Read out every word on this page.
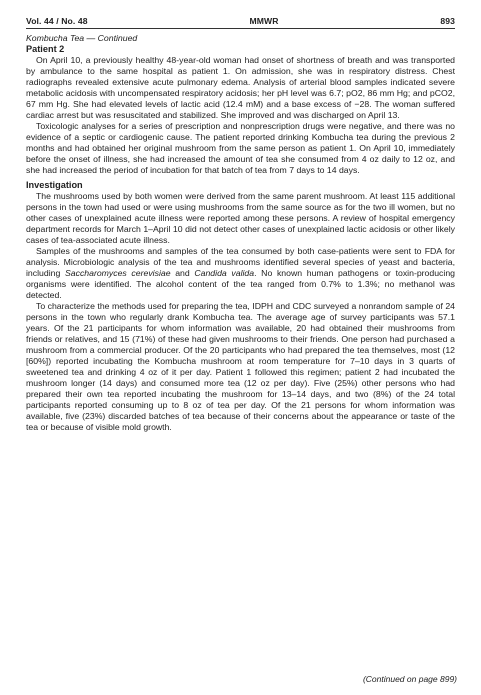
Vol. 44 / No. 48	MMWR	893
Kombucha Tea — Continued
Patient 2

On April 10, a previously healthy 48-year-old woman had onset of shortness of breath and was transported by ambulance to the same hospital as patient 1. On admission, she was in respiratory distress. Chest radiographs revealed extensive acute pulmonary edema. Analysis of arterial blood samples indicated severe metabolic acidosis with uncompensated respiratory acidosis; her pH level was 6.7; pO2, 86 mm Hg; and pCO2, 67 mm Hg. She had elevated levels of lactic acid (12.4 mM) and a base excess of −28. The woman suffered cardiac arrest but was resuscitated and stabilized. She improved and was discharged on April 13.

Toxicologic analyses for a series of prescription and nonprescription drugs were negative, and there was no evidence of a septic or cardiogenic cause. The patient reported drinking Kombucha tea during the previous 2 months and had obtained her original mushroom from the same person as patient 1. On April 10, immediately before the onset of illness, she had increased the amount of tea she consumed from 4 oz daily to 12 oz, and she had increased the period of incubation for that batch of tea from 7 days to 14 days.

Investigation

The mushrooms used by both women were derived from the same parent mushroom. At least 115 additional persons in the town had used or were using mushrooms from the same source as for the two ill women, but no other cases of unexplained acute illness were reported among these persons. A review of hospital emergency department records for March 1–April 10 did not detect other cases of unexplained lactic acidosis or other likely cases of tea-associated acute illness.

Samples of the mushrooms and samples of the tea consumed by both case-patients were sent to FDA for analysis. Microbiologic analysis of the tea and mushrooms identified several species of yeast and bacteria, including Saccharomyces cerevisiae and Candida valida. No known human pathogens or toxin-producing organisms were identified. The alcohol content of the tea ranged from 0.7% to 1.3%; no methanol was detected.

To characterize the methods used for preparing the tea, IDPH and CDC surveyed a nonrandom sample of 24 persons in the town who regularly drank Kombucha tea. The average age of survey participants was 57.1 years. Of the 21 participants for whom information was available, 20 had obtained their mushrooms from friends or relatives, and 15 (71%) of these had given mushrooms to their friends. One person had purchased a mushroom from a commercial producer. Of the 20 participants who had prepared the tea themselves, most (12 [60%]) reported incubating the Kombucha mushroom at room temperature for 7–10 days in 3 quarts of sweetened tea and drinking 4 oz of it per day. Patient 1 followed this regimen; patient 2 had incubated the mushroom longer (14 days) and consumed more tea (12 oz per day). Five (25%) other persons who had prepared their own tea reported incubating the mushroom for 13–14 days, and two (8%) of the 24 total participants reported consuming up to 8 oz of tea per day. Of the 21 persons for whom information was available, five (23%) discarded batches of tea because of their concerns about the appearance or taste of the tea or because of visible mold growth.

(Continued on page 899)
